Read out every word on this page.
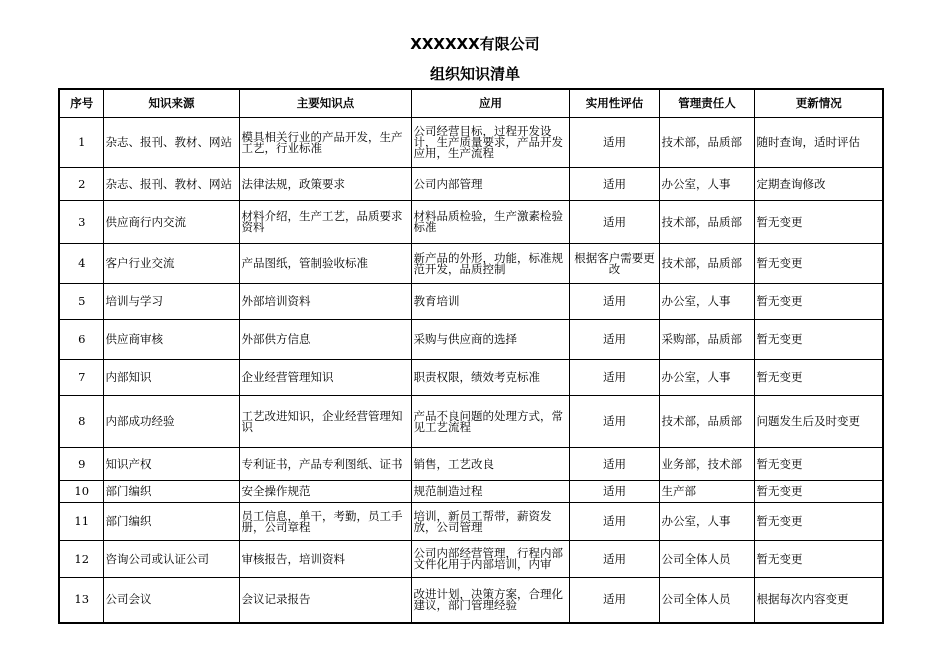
XXXXXX有限公司
组织知识清单
序号	知识来源	主要知识点	应用	实用性评估	管理责任人	更新情况
1	杂志、报刊、教材、网站	模具相关行业的产品开发，生产工艺，行业标准	公司经营目标，过程开发设计，生产质量要求，产品开发应用，生产流程	适用	技术部，品质部	随时查询，适时评估
2	杂志、报刊、教材、网站	法律法规，政策要求	公司内部管理	适用	办公室，人事	定期查询修改
3	供应商行内交流	材料介绍，生产工艺，品质要求资料	材料品质检验，生产激素检验标准	适用	技术部，品质部	暂无变更
4	客户行业交流	产品图纸，管制验收标准	新产品的外形，功能，标准规范开发，品质控制	根据客户需要更改	技术部，品质部	暂无变更
5	培训与学习	外部培训资料	教育培训	适用	办公室，人事	暂无变更
6	供应商审核	外部供方信息	采购与供应商的选择	适用	采购部，品质部	暂无变更
7	内部知识	企业经营管理知识	职责权限，绩效考克标准	适用	办公室，人事	暂无变更
8	内部成功经验	工艺改进知识，企业经营管理知识	产品不良问题的处理方式，常见工艺流程	适用	技术部，品质部	问题发生后及时变更
9	知识产权	专利证书，产品专利图纸、证书	销售，工艺改良	适用	业务部，技术部	暂无变更
10	部门编织	安全操作规范	规范制造过程	适用	生产部	暂无变更
11	部门编织	员工信息，单干，考勤，员工手册，公司章程	培训，新员工帮带，薪资发放，公司管理	适用	办公室，人事	暂无变更
12	咨询公司或认证公司	审核报告，培训资料	公司内部经营管理，行程内部文件化用于内部培训，内审	适用	公司全体人员	暂无变更
13	公司会议	会议记录报告	改进计划，决策方案，合理化建议，部门管理经验	适用	公司全体人员	根据每次内容变更
